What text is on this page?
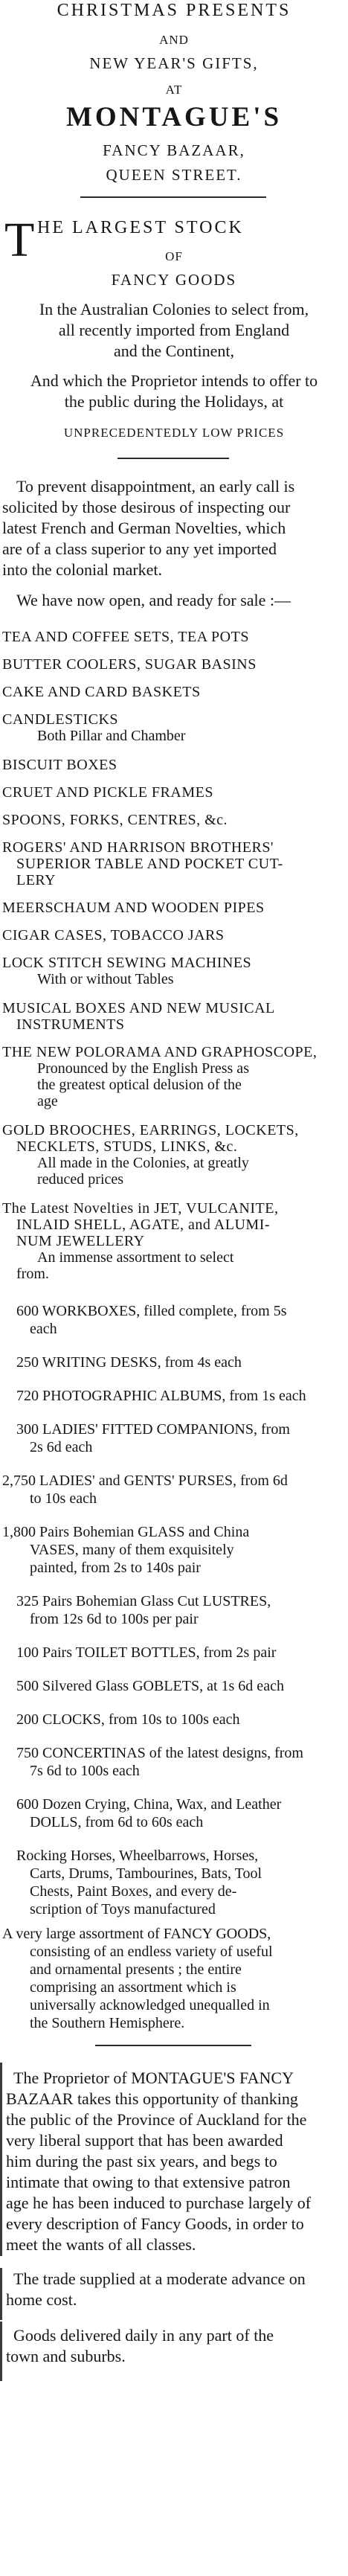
CHRISTMAS PRESENTS
AND
NEW YEAR'S GIFTS,
AT
MONTAGUE'S
FANCY BAZAAR,
QUEEN STREET.
T HE LARGEST STOCK
OF
FANCY GOODS
In the Australian Colonies to select from,
all recently imported from England
and the Continent,
And which the Proprietor intends to offer to
the public during the Holidays, at
UNPRECEDENTEDLY LOW PRICES
To prevent disappointment, an early call is
solicited by those desirous of inspecting our
latest French and German Novelties, which
are of a class superior to any yet imported
into the colonial market.
We have now open, and ready for sale :—
TEA AND COFFEE SETS, TEA POTS
BUTTER COOLERS, SUGAR BASINS
CAKE AND CARD BASKETS
CANDLESTICKS
Both Pillar and Chamber
BISCUIT BOXES
CRUET AND PICKLE FRAMES
SPOONS, FORKS, CENTRES, &c.
ROGERS' AND HARRISON BROTHERS'
SUPERIOR TABLE AND POCKET CUT-
LERY
MEERSCHAUM AND WOODEN PIPES
CIGAR CASES, TOBACCO JARS
LOCK STITCH SEWING MACHINES
With or without Tables
MUSICAL BOXES AND NEW MUSICAL
INSTRUMENTS
THE NEW POLORAMA AND GRAPHOSCOPE,
Pronounced by the English Press as
the greatest optical delusion of the
age
GOLD BROOCHES, EARRINGS, LOCKETS,
NECKLETS, STUDS, LINKS, &c.
All made in the Colonies, at greatly
reduced prices
The Latest Novelties in JET, VULCANITE,
INLAID SHELL, AGATE, and ALUMI-
NUM JEWELLERY
An immense assortment to select
from.
600 WORKBOXES, filled complete, from 5s
each
250 WRITING DESKS, from 4s each
720 PHOTOGRAPHIC ALBUMS, from 1s each
300 LADIES' FITTED COMPANIONS, from
2s 6d each
2,750 LADIES' and GENTS' PURSES, from 6d
to 10s each
1,800 Pairs Bohemian GLASS and China
VASES, many of them exquisitely
painted, from 2s to 140s pair
325 Pairs Bohemian Glass Cut LUSTRES,
from 12s 6d to 100s per pair
100 Pairs TOILET BOTTLES, from 2s pair
500 Silvered Glass GOBLETS, at 1s 6d each
200 CLOCKS, from 10s to 100s each
750 CONCERTINAS of the latest designs, from
7s 6d to 100s each
600 Dozen Crying, China, Wax, and Leather
DOLLS, from 6d to 60s each
Rocking Horses, Wheelbarrows, Horses,
Carts, Drums, Tambourines, Bats, Tool
Chests, Paint Boxes, and every de-
scription of Toys manufactured
A very large assortment of FANCY GOODS,
consisting of an endless variety of useful
and ornamental presents ; the entire
comprising an assortment which is
universally acknowledged unequalled in
the Southern Hemisphere.
The Proprietor of MONTAGUE'S FANCY
BAZAAR takes this opportunity of thanking
the public of the Province of Auckland for the
very liberal support that has been awarded
him during the past six years, and begs to
intimate that owing to that extensive patron
age he has been induced to purchase largely of
every description of Fancy Goods, in order to
meet the wants of all classes.
The trade supplied at a moderate advance on
home cost.
Goods delivered daily in any part of the
town and suburbs.
